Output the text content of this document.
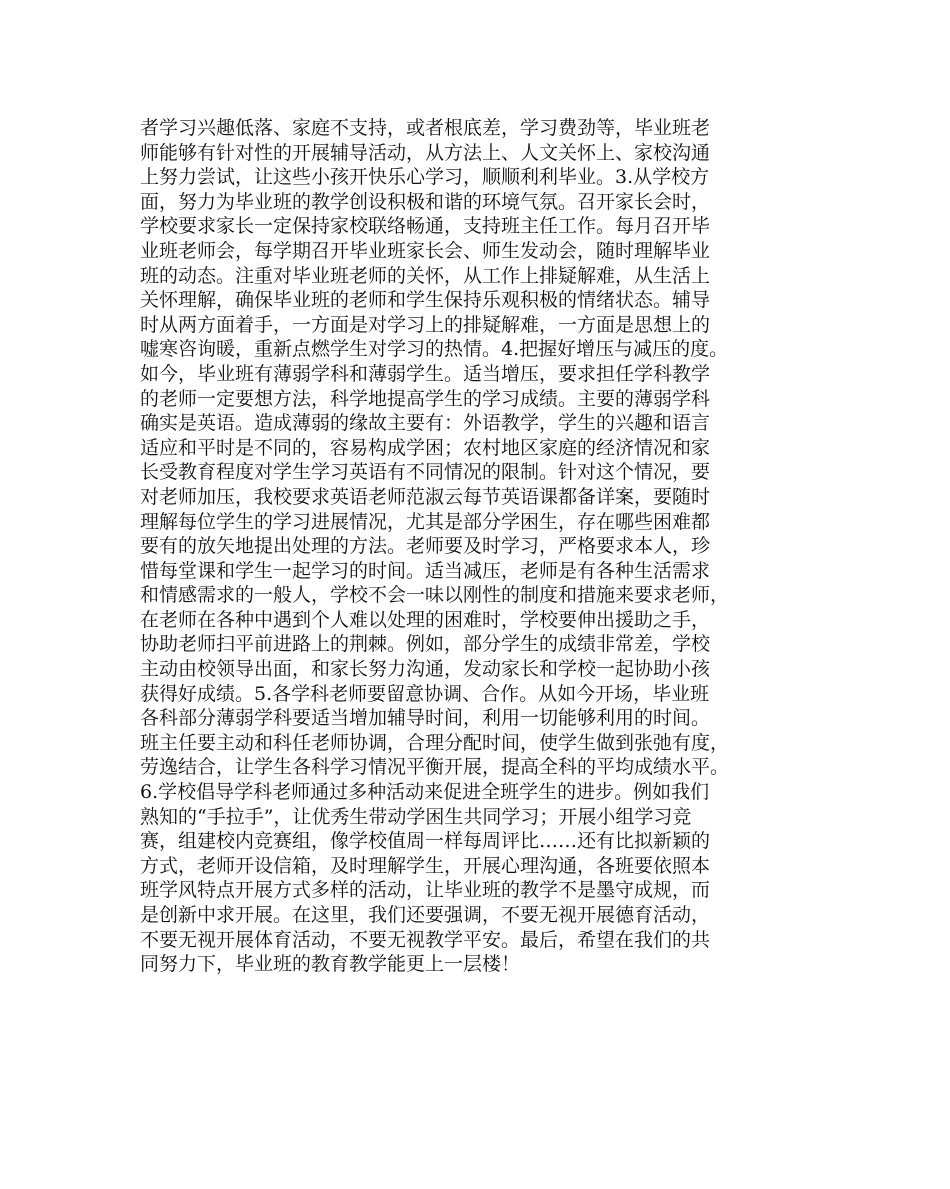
者学习兴趣低落、家庭不支持，或者根底差，学习费劲等，毕业班老
师能够有针对性的开展辅导活动，从方法上、人文关怀上、家校沟通
上努力尝试，让这些小孩开快乐心学习，顺顺利利毕业。3.从学校方
面，努力为毕业班的教学创设积极和谐的环境气氛。召开家长会时，
学校要求家长一定保持家校联络畅通，支持班主任工作。每月召开毕
业班老师会，每学期召开毕业班家长会、师生发动会，随时理解毕业
班的动态。注重对毕业班老师的关怀，从工作上排疑解难，从生活上
关怀理解，确保毕业班的老师和学生保持乐观积极的情绪状态。辅导
时从两方面着手，一方面是对学习上的排疑解难，一方面是思想上的
嘘寒咨询暖，重新点燃学生对学习的热情。4.把握好增压与减压的度。
如今，毕业班有薄弱学科和薄弱学生。适当增压，要求担任学科教学
的老师一定要想方法，科学地提高学生的学习成绩。主要的薄弱学科
确实是英语。造成薄弱的缘故主要有：外语教学，学生的兴趣和语言
适应和平时是不同的，容易构成学困；农村地区家庭的经济情况和家
长受教育程度对学生学习英语有不同情况的限制。针对这个情况，要
对老师加压，我校要求英语老师范淑云每节英语课都备详案，要随时
理解每位学生的学习进展情况，尤其是部分学困生，存在哪些困难都
要有的放矢地提出处理的方法。老师要及时学习，严格要求本人，珍
惜每堂课和学生一起学习的时间。适当减压，老师是有各种生活需求
和情感需求的一般人，学校不会一味以刚性的制度和措施来要求老师，
在老师在各种中遇到个人难以处理的困难时，学校要伸出援助之手，
协助老师扫平前进路上的荆棘。例如，部分学生的成绩非常差，学校
主动由校领导出面，和家长努力沟通，发动家长和学校一起协助小孩
获得好成绩。5.各学科老师要留意协调、合作。从如今开场，毕业班
各科部分薄弱学科要适当增加辅导时间，利用一切能够利用的时间。
班主任要主动和科任老师协调，合理分配时间，使学生做到张弛有度，
劳逸结合，让学生各科学习情况平衡开展，提高全科的平均成绩水平。
6.学校倡导学科老师通过多种活动来促进全班学生的进步。例如我们
熟知的“手拉手”，让优秀生带动学困生共同学习；开展小组学习竞
赛，组建校内竞赛组，像学校值周一样每周评比……还有比拟新颖的
方式，老师开设信箱，及时理解学生，开展心理沟通，各班要依照本
班学风特点开展方式多样的活动，让毕业班的教学不是墨守成规，而
是创新中求开展。在这里，我们还要强调，不要无视开展德育活动，
不要无视开展体育活动，不要无视教学平安。最后，希望在我们的共
同努力下，毕业班的教育教学能更上一层楼！
